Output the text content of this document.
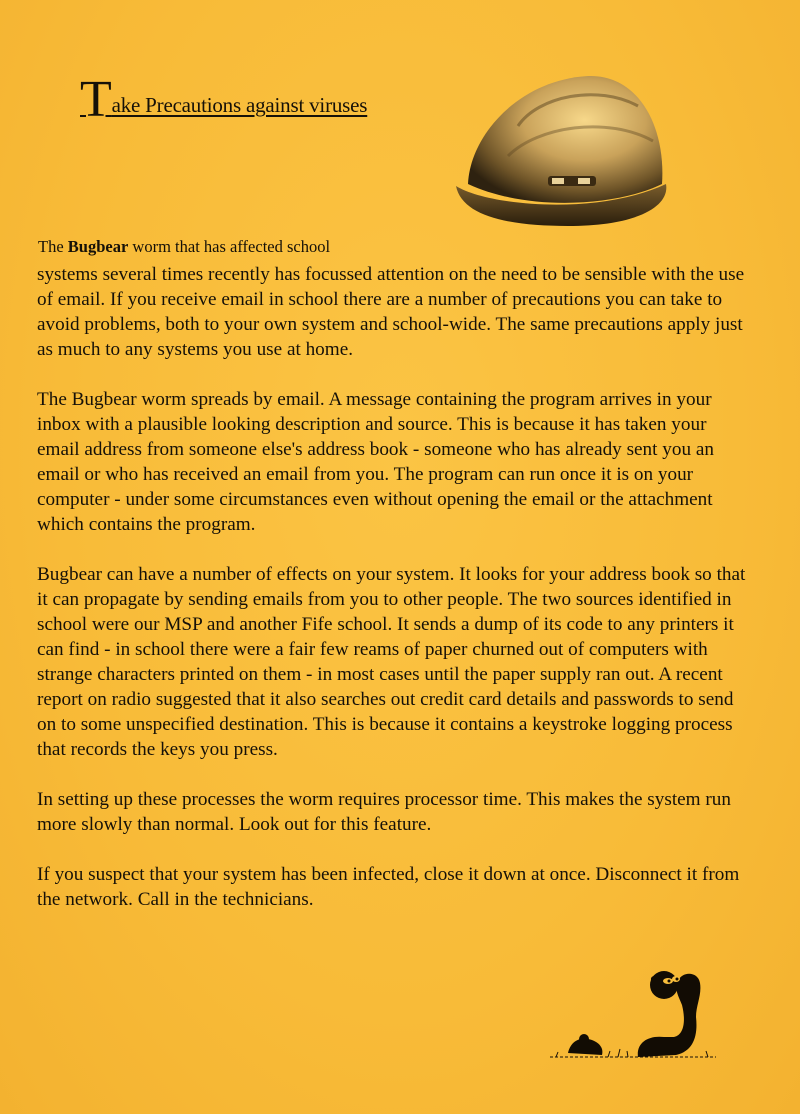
Take Precautions against viruses
The Bugbear worm that has affected school

systems several times recently has focussed attention on the need to be sensible with the use of email. If you receive email in school there are a number of precautions you can take to avoid problems, both to your own system and school-wide. The same precautions apply just as much to any systems you use at home.

The Bugbear worm spreads by email. A message containing the program arrives in your inbox with a plausible looking description and source. This is because it has taken your email address from someone else's address book - someone who has already sent you an email or who has received an email from you. The program can run once it is on your computer - under some circumstances even without opening the email or the attachment which contains the program.

Bugbear can have a number of effects on your system. It looks for your address book so that it can propagate by sending emails from you to other people. The two sources identified in school were our MSP and another Fife school. It sends a dump of its code to any printers it can find - in school there were a fair few reams of paper churned out of computers with strange characters printed on them - in most cases until the paper supply ran out. A recent report on radio suggested that it also searches out credit card details and passwords to send on to some unspecified destination. This is because it contains a keystroke logging process that records the keys you press.

In setting up these processes the worm requires processor time. This makes the system run more slowly than normal. Look out for this feature.

If you suspect that your system has been infected, close it down at once. Disconnect it from the network. Call in the technicians.
